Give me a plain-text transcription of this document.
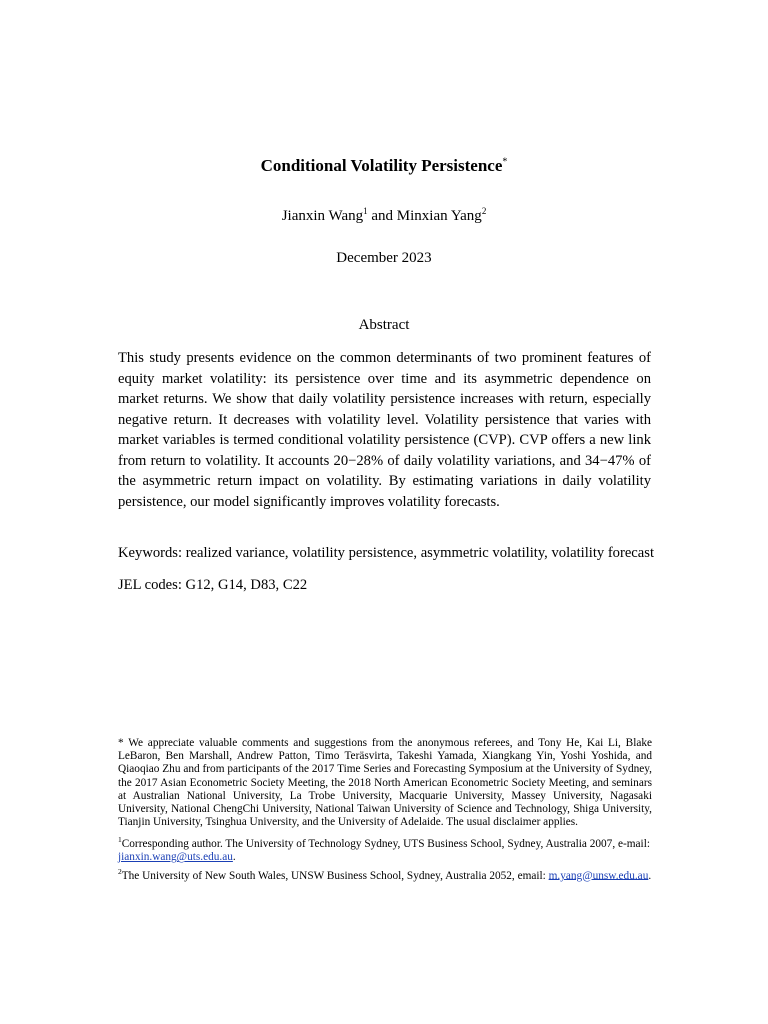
Conditional Volatility Persistence*
Jianxin Wang$^1$ and Minxian Yang$^2$
December 2023
Abstract

This study presents evidence on the common determinants of two prominent features of equity market volatility: its persistence over time and its asymmetric dependence on market returns. We show that daily volatility persistence increases with return, especially negative return. It decreases with volatility level. Volatility persistence that varies with market variables is termed conditional volatility persistence (CVP). CVP offers a new link from return to volatility. It accounts 20−28% of daily volatility variations, and 34−47% of the asymmetric return impact on volatility. By estimating variations in daily volatility persistence, our model significantly improves volatility forecasts.

Keywords: realized variance, volatility persistence, asymmetric volatility, volatility forecast
JEL codes: G12, G14, D83, C22

* We appreciate valuable comments and suggestions from the anonymous referees, and Tony He, Kai Li, Blake LeBaron, Ben Marshall, Andrew Patton, Timo Teräsvirta, Takeshi Yamada, Xiangkang Yin, Yoshi Yoshida, and Qiaoqiao Zhu and from participants of the 2017 Time Series and Forecasting Symposium at the University of Sydney, the 2017 Asian Econometric Society Meeting, the 2018 North American Econometric Society Meeting, and seminars at Australian National University, La Trobe University, Macquarie University, Massey University, Nagasaki University, National ChengChi University, National Taiwan University of Science and Technology, Shiga University, Tianjin University, Tsinghua University, and the University of Adelaide. The usual disclaimer applies.

$^1$Corresponding author. The University of Technology Sydney, UTS Business School, Sydney, Australia 2007, e-mail: jianxin.wang@uts.edu.au.

$^2$The University of New South Wales, UNSW Business School, Sydney, Australia 2052, email: m.yang@unsw.edu.au.
